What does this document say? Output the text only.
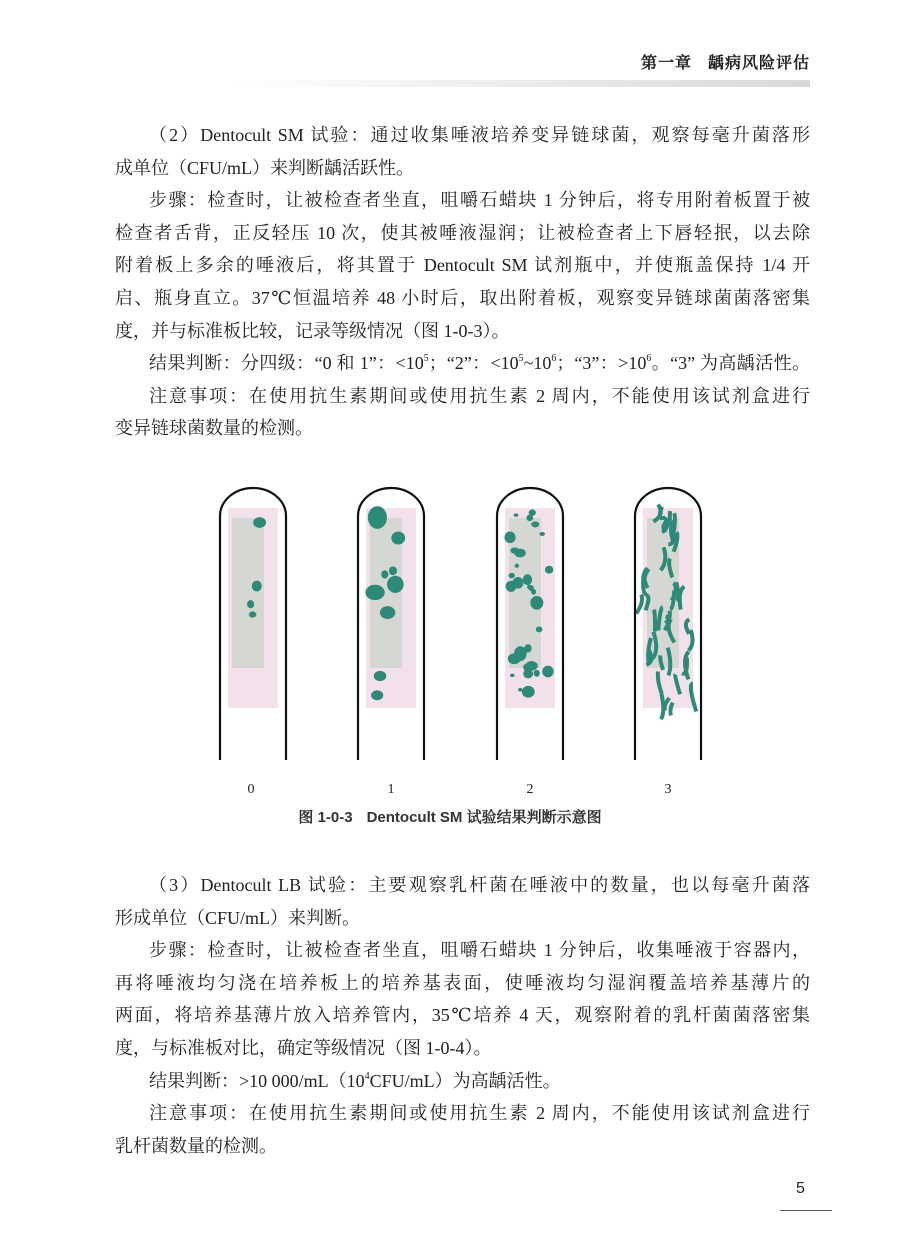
第一章 龋病风险评估
（2）Dentocult SM 试验：通过收集唾液培养变异链球菌，观察每毫升菌落形
成单位（CFU/mL）来判断龋活跃性。
步骤：检查时，让被检查者坐直，咀嚼石蜡块 1 分钟后，将专用附着板置于被
检查者舌背，正反轻压 10 次，使其被唾液湿润；让被检查者上下唇轻抿，以去除
附着板上多余的唾液后，将其置于 Dentocult SM 试剂瓶中，并使瓶盖保持 1/4 开
启、瓶身直立。37℃恒温培养 48 小时后，取出附着板，观察变异链球菌菌落密集
度，并与标准板比较，记录等级情况（图 1-0-3）。
结果判断：分四级：“0 和 1”：$<10^5$；“2”：$<10^5\sim 10^6$；“3”：$>10^6$。“3” 为高龋活性。
注意事项：在使用抗生素期间或使用抗生素 2 周内，不能使用该试剂盒进行
变异链球菌数量的检测。
0	1	2	3
图 1-0-3 Dentocult SM 试验结果判断示意图
（3）Dentocult LB 试验：主要观察乳杆菌在唾液中的数量，也以每毫升菌落
形成单位（CFU/mL）来判断。
步骤：检查时，让被检查者坐直，咀嚼石蜡块 1 分钟后，收集唾液于容器内，
再将唾液均匀浇在培养板上的培养基表面，使唾液均匀湿润覆盖培养基薄片的
两面，将培养基薄片放入培养管内，35℃培养 4 天，观察附着的乳杆菌菌落密集
度，与标准板对比，确定等级情况（图 1-0-4）。
结果判断：>10 $000/mL(10^4CFU/mL)$为高龋活性。
注意事项：在使用抗生素期间或使用抗生素 2 周内，不能使用该试剂盒进行
乳杆菌数量的检测。
5
